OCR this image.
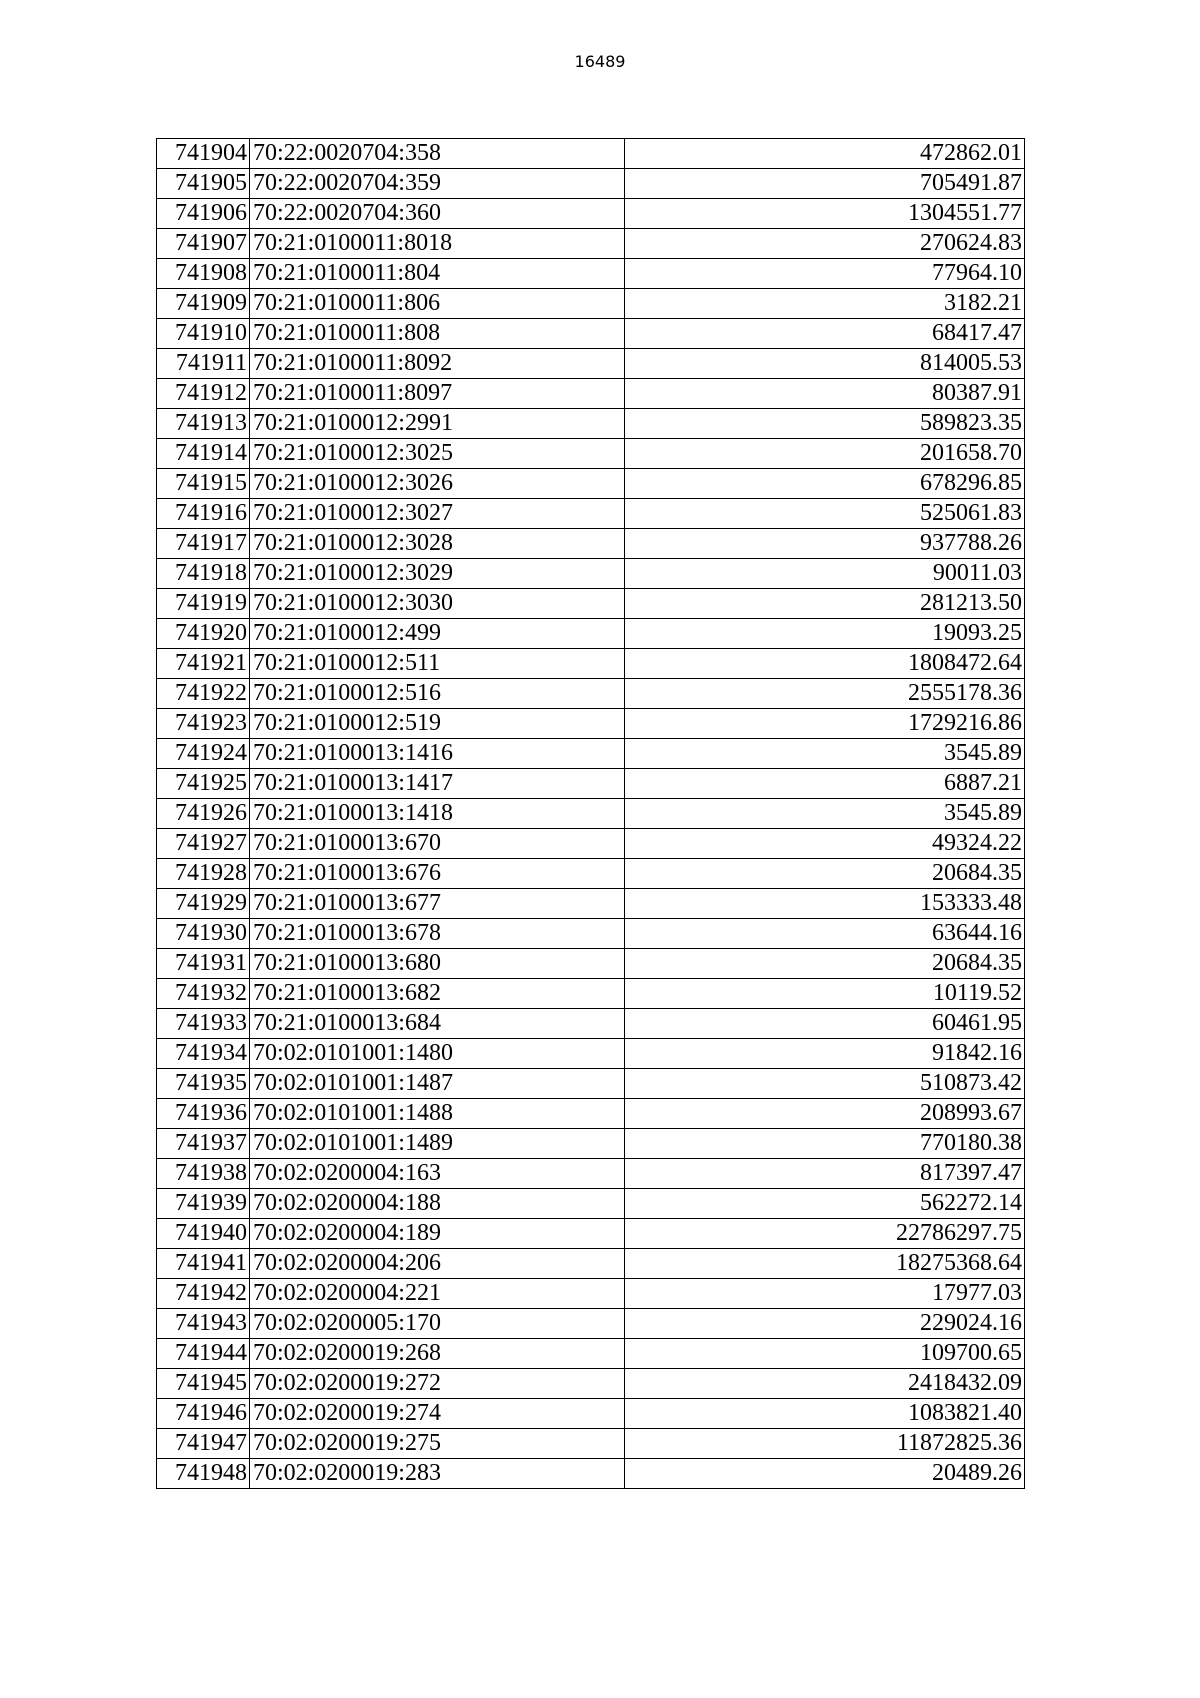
16489
741904	70:22:0020704:358	472862.01
741905	70:22:0020704:359	705491.87
741906	70:22:0020704:360	1304551.77
741907	70:21:0100011:8018	270624.83
741908	70:21:0100011:804	77964.10
741909	70:21:0100011:806	3182.21
741910	70:21:0100011:808	68417.47
741911	70:21:0100011:8092	814005.53
741912	70:21:0100011:8097	80387.91
741913	70:21:0100012:2991	589823.35
741914	70:21:0100012:3025	201658.70
741915	70:21:0100012:3026	678296.85
741916	70:21:0100012:3027	525061.83
741917	70:21:0100012:3028	937788.26
741918	70:21:0100012:3029	90011.03
741919	70:21:0100012:3030	281213.50
741920	70:21:0100012:499	19093.25
741921	70:21:0100012:511	1808472.64
741922	70:21:0100012:516	2555178.36
741923	70:21:0100012:519	1729216.86
741924	70:21:0100013:1416	3545.89
741925	70:21:0100013:1417	6887.21
741926	70:21:0100013:1418	3545.89
741927	70:21:0100013:670	49324.22
741928	70:21:0100013:676	20684.35
741929	70:21:0100013:677	153333.48
741930	70:21:0100013:678	63644.16
741931	70:21:0100013:680	20684.35
741932	70:21:0100013:682	10119.52
741933	70:21:0100013:684	60461.95
741934	70:02:0101001:1480	91842.16
741935	70:02:0101001:1487	510873.42
741936	70:02:0101001:1488	208993.67
741937	70:02:0101001:1489	770180.38
741938	70:02:0200004:163	817397.47
741939	70:02:0200004:188	562272.14
741940	70:02:0200004:189	22786297.75
741941	70:02:0200004:206	18275368.64
741942	70:02:0200004:221	17977.03
741943	70:02:0200005:170	229024.16
741944	70:02:0200019:268	109700.65
741945	70:02:0200019:272	2418432.09
741946	70:02:0200019:274	1083821.40
741947	70:02:0200019:275	11872825.36
741948	70:02:0200019:283	20489.26
